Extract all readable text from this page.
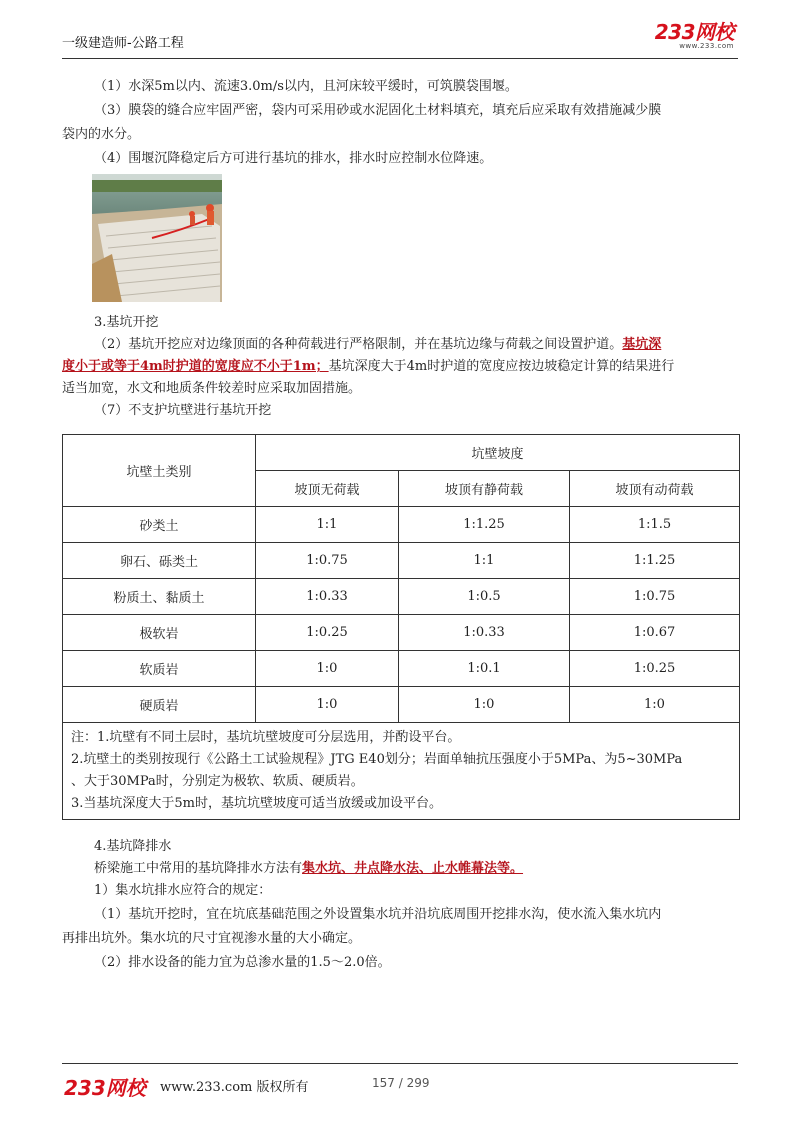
一级建造师-公路工程	233网校
www.233.com
（1）水深5m以内、流速3.0m/s以内，且河床较平缓时，可筑膜袋围堰。
（3）膜袋的缝合应牢固严密，袋内可采用砂或水泥固化土材料填充，填充后应采取有效措施减少膜
袋内的水分。
（4）围堰沉降稳定后方可进行基坑的排水，排水时应控制水位降速。
3.基坑开挖
（2）基坑开挖应对边缘顶面的各种荷载进行严格限制，并在基坑边缘与荷载之间设置护道。基坑深
度小于或等于4m时护道的宽度应不小于1m；基坑深度大于4m时护道的宽度应按边坡稳定计算的结果进行
适当加宽，水文和地质条件较差时应采取加固措施。
（7）不支护坑壁进行基坑开挖
坑壁土类别	坑壁坡度		
	坡顶无荷载	坡顶有静荷载	坡顶有动荷载
砂类土	1:1	1:1.25	1:1.5
卵石、砾类土	1:0.75	1:1	1:1.25
粉质土、黏质土	1:0.33	1:0.5	1:0.75
极软岩	1:0.25	1:0.33	1:0.67
软质岩	1:0	1:0.1	1:0.25
硬质岩	1:0	1:0	1:0

注：1.坑壁有不同土层时，基坑坑壁坡度可分层选用，并酌设平台。
2.坑壁土的类别按现行《公路土工试验规程》JTG E40划分；岩面单轴抗压强度小于5MPa、为5~30MPa
、大于30MPa时，分别定为极软、软质、硬质岩。
3.当基坑深度大于5m时，基坑坑壁坡度可适当放缓或加设平台。			
4.基坑降排水
桥梁施工中常用的基坑降排水方法有集水坑、井点降水法、止水帷幕法等。
1）集水坑排水应符合的规定：
（1）基坑开挖时，宜在坑底基础范围之外设置集水坑并沿坑底周围开挖排水沟，使水流入集水坑内
再排出坑外。集水坑的尺寸宜视渗水量的大小确定。
（2）排水设备的能力宜为总渗水量的1.5～2.0倍。
233网校 www.233.com 版权所有	157 / 299
